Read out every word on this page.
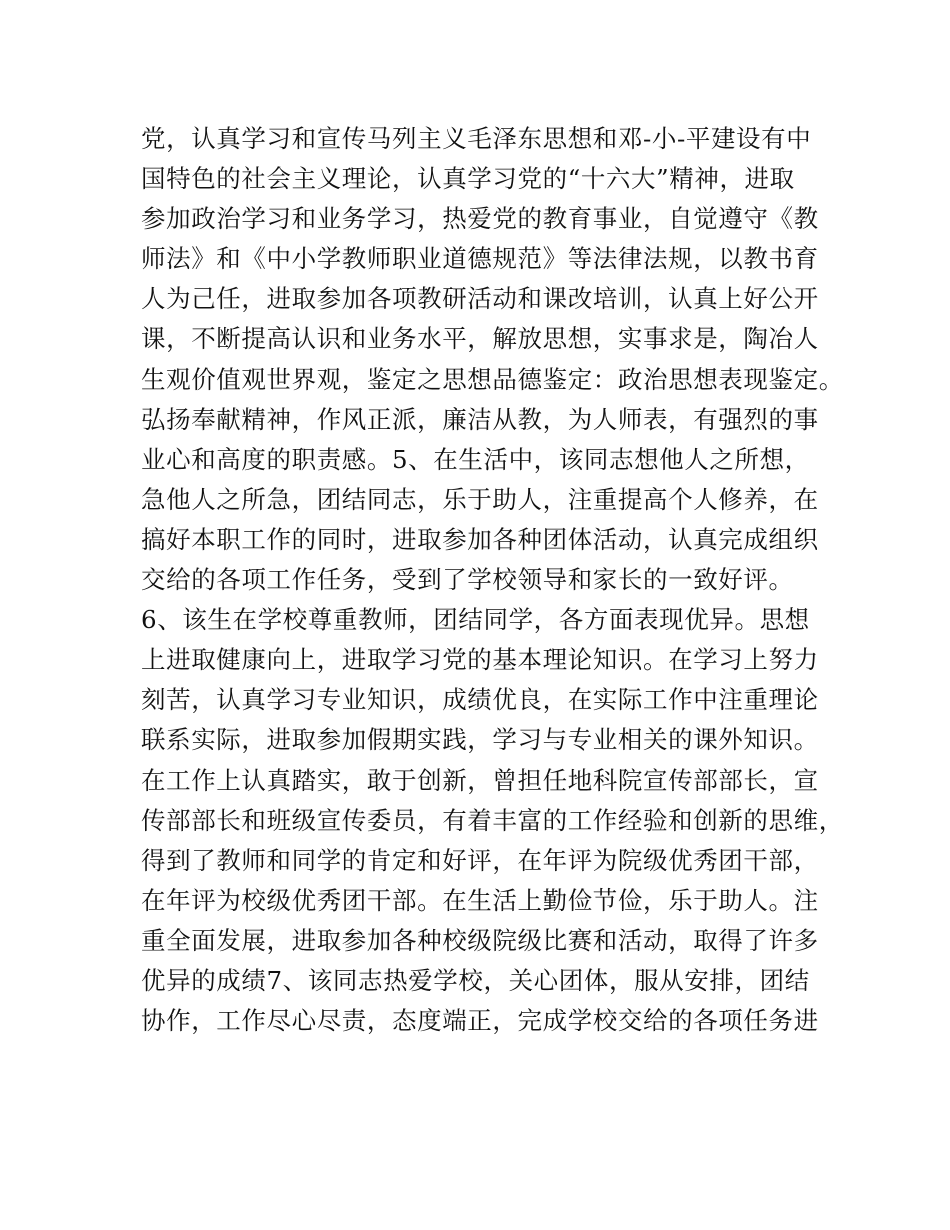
党，认真学习和宣传马列主义毛泽东思想和邓-小-平建设有中
国特色的社会主义理论，认真学习党的“十六大”精神，进取
参加政治学习和业务学习，热爱党的教育事业，自觉遵守《教
师法》和《中小学教师职业道德规范》等法律法规，以教书育
人为己任，进取参加各项教研活动和课改培训，认真上好公开
课，不断提高认识和业务水平，解放思想，实事求是，陶冶人
生观价值观世界观，鉴定之思想品德鉴定：政治思想表现鉴定。
弘扬奉献精神，作风正派，廉洁从教，为人师表，有强烈的事
业心和高度的职责感。5、在生活中，该同志想他人之所想，
急他人之所急，团结同志，乐于助人，注重提高个人修养，在
搞好本职工作的同时，进取参加各种团体活动，认真完成组织
交给的各项工作任务，受到了学校领导和家长的一致好评。
6、该生在学校尊重教师，团结同学，各方面表现优异。思想
上进取健康向上，进取学习党的基本理论知识。在学习上努力
刻苦，认真学习专业知识，成绩优良，在实际工作中注重理论
联系实际，进取参加假期实践，学习与专业相关的课外知识。
在工作上认真踏实，敢于创新，曾担任地科院宣传部部长，宣
传部部长和班级宣传委员，有着丰富的工作经验和创新的思维，
得到了教师和同学的肯定和好评，在年评为院级优秀团干部，
在年评为校级优秀团干部。在生活上勤俭节俭，乐于助人。注
重全面发展，进取参加各种校级院级比赛和活动，取得了许多
优异的成绩7、该同志热爱学校，关心团体，服从安排，团结
协作，工作尽心尽责，态度端正，完成学校交给的各项任务进
